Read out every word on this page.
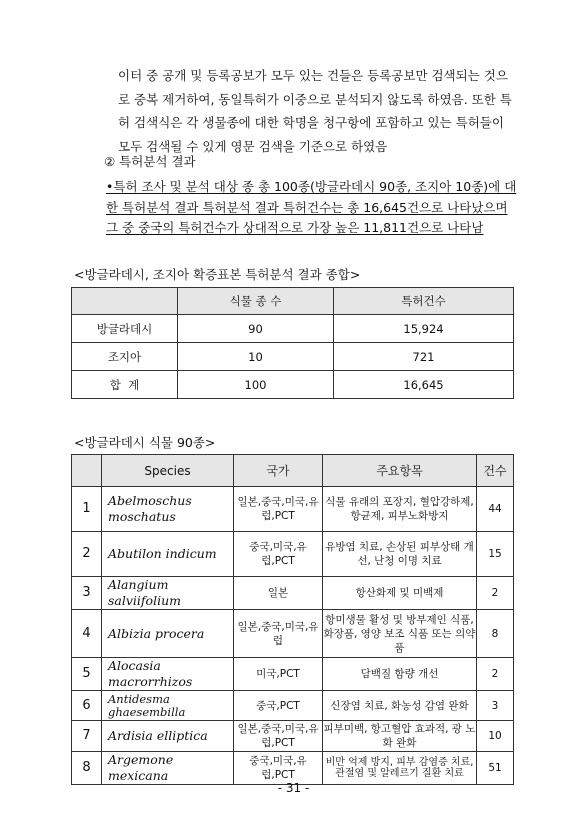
이터 중 공개 및 등록공보가 모두 있는 건들은 등록공보만 검색되는 것으

로 중복 제거하여, 동일특허가 이중으로 분석되지 않도록 하였음. 또한 특

허 검색식은 각 생물종에 대한 학명을 청구항에 포함하고 있는 특허들이

모두 검색될 수 있게 영문 검색을 기준으로 하였음

② 특허분석 결과

•특허 조사 및 분석 대상 종 총 100종(방글라데시 90종, 조지아 10종)에 대

한 특허분석 결과 특허분석 결과 특허건수는 총 16,645건으로 나타났으며

그 중 중국의 특허건수가 상대적으로 가장 높은 11,811건으로 나타남

<방글라데시, 조지아 확증표본 특허분석 결과 종합>
	식물 종 수	특허건수
방글라데시	90	15,924
조지아	10	721
합  계	100	16,645
<방글라데시 식물 90종>
	Species	국가	주요항목	건수
1	Abelmoschus moschatus	일본,중국,미국,유럽,PCT	식물 유래의 포장지, 혈압강하제, 항균제, 피부노화방지	44
2	Abutilon indicum	중국,미국,유럽,PCT	유방염 치료, 손상된 피부상태 개선, 난청 이명 치료	15
3	Alangium salviifolium	일본	항산화제 및 미백제	2
4	Albizia procera	일본,중국,미국,유럽	항미생물 활성 및 방부제인 식품, 화장품, 영양 보조 식품 또는 의약품	8
5	Alocasia macrorrhizos	미국,PCT	담백질 함량 개선	2
6	Antidesma ghaesembilla	중국,PCT	신장염 치료, 화농성 감염 완화	3
7	Ardisia elliptica	일본,중국,미국,유럽,PCT	피부미백, 항고혈압 효과적, 광 노화 완화	10
8	Argemone mexicana	중국,미국,유럽,PCT	비만 억제 방지, 피부 감염증 치료, 관절염 및 알레르기 질환 치료	51
- 31 -
